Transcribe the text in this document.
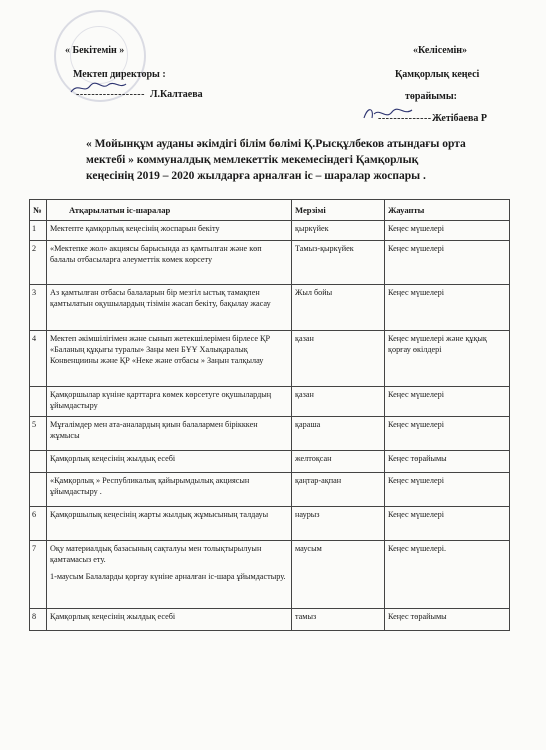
« Бекітемін »
Мектеп директоры :
------------------ Л.Калтаева
«Келісемін»
Қамқорлық кеңесі
төрайымы:
-------------- Жетібаева Р
« Мойынқұм ауданы әкімдігі білім бөлімі Қ.Рысқұлбеков атындағы орта
мектебі » коммуналдық мемлекеттік мекемесіндегі Қамқорлық
кеңесінің 2019 – 2020 жылдарға арналған іс – шаралар жоспары .
№	Атқарылатын іс-шаралар	Мерзімі	Жауапты
1	Мектепте қамқорлық кеңесінің жоспарын бекіту	қыркүйек	Кеңес мүшелері
2	«Мектепке жол» акциясы барысында аз қамтылған және көп балалы отбасыларға әлеуметтік көмек көрсету	Тамыз-қыркүйек	Кеңес мүшелері
3	Аз қамтылған отбасы балаларын бір мезгіл ыстық тамақпен қамтылатын оқушылардың тізімін жасап бекіту, бақылау жасау	Жыл бойы	Кеңес мүшелері
4	Мектеп әкімшілігімен және сынып жетекшілерімен бірлесе ҚР «Баланың құқығы туралы» Заңы мен БҰҰ Халықаралық Конвенциины және ҚР «Неке және отбасы » Заңын талқылау	қазан	Кеңес мүшелері және құқық қорғау өкілдері
	Қамқоршылар күніне қарттарға көмек көрсетуге оқушылардың ұйымдастыру	қазан	Кеңес мүшелері
5	Мұғалімдер мен ата-аналардың қиын балалармен бірікккен жұмысы	қараша	Кеңес мүшелері
	Қамқорлық кеңесінің жылдық есебі	желтоқсан	Кеңес төрайымы
	«Қамқорлық » Республикалық қайырымдылық акциясын ұйымдастыру .	қаңтар-ақпан	Кеңес мүшелері
6	Қамқоршылық кеңесінің жарты жылдық жұмысының талдауы	наурыз	Кеңес мүшелері
7	Оқу материалдық базасының сақталуы мен толықтырылуын қамтамасыз ету.
1-маусым Балаларды қорғау күніне арналған іс-шара ұйымдастыру.	маусым	Кеңес мүшелері.
8	Қамқорлық кеңесінің жылдық есебі	тамыз	Кеңес төрайымы
